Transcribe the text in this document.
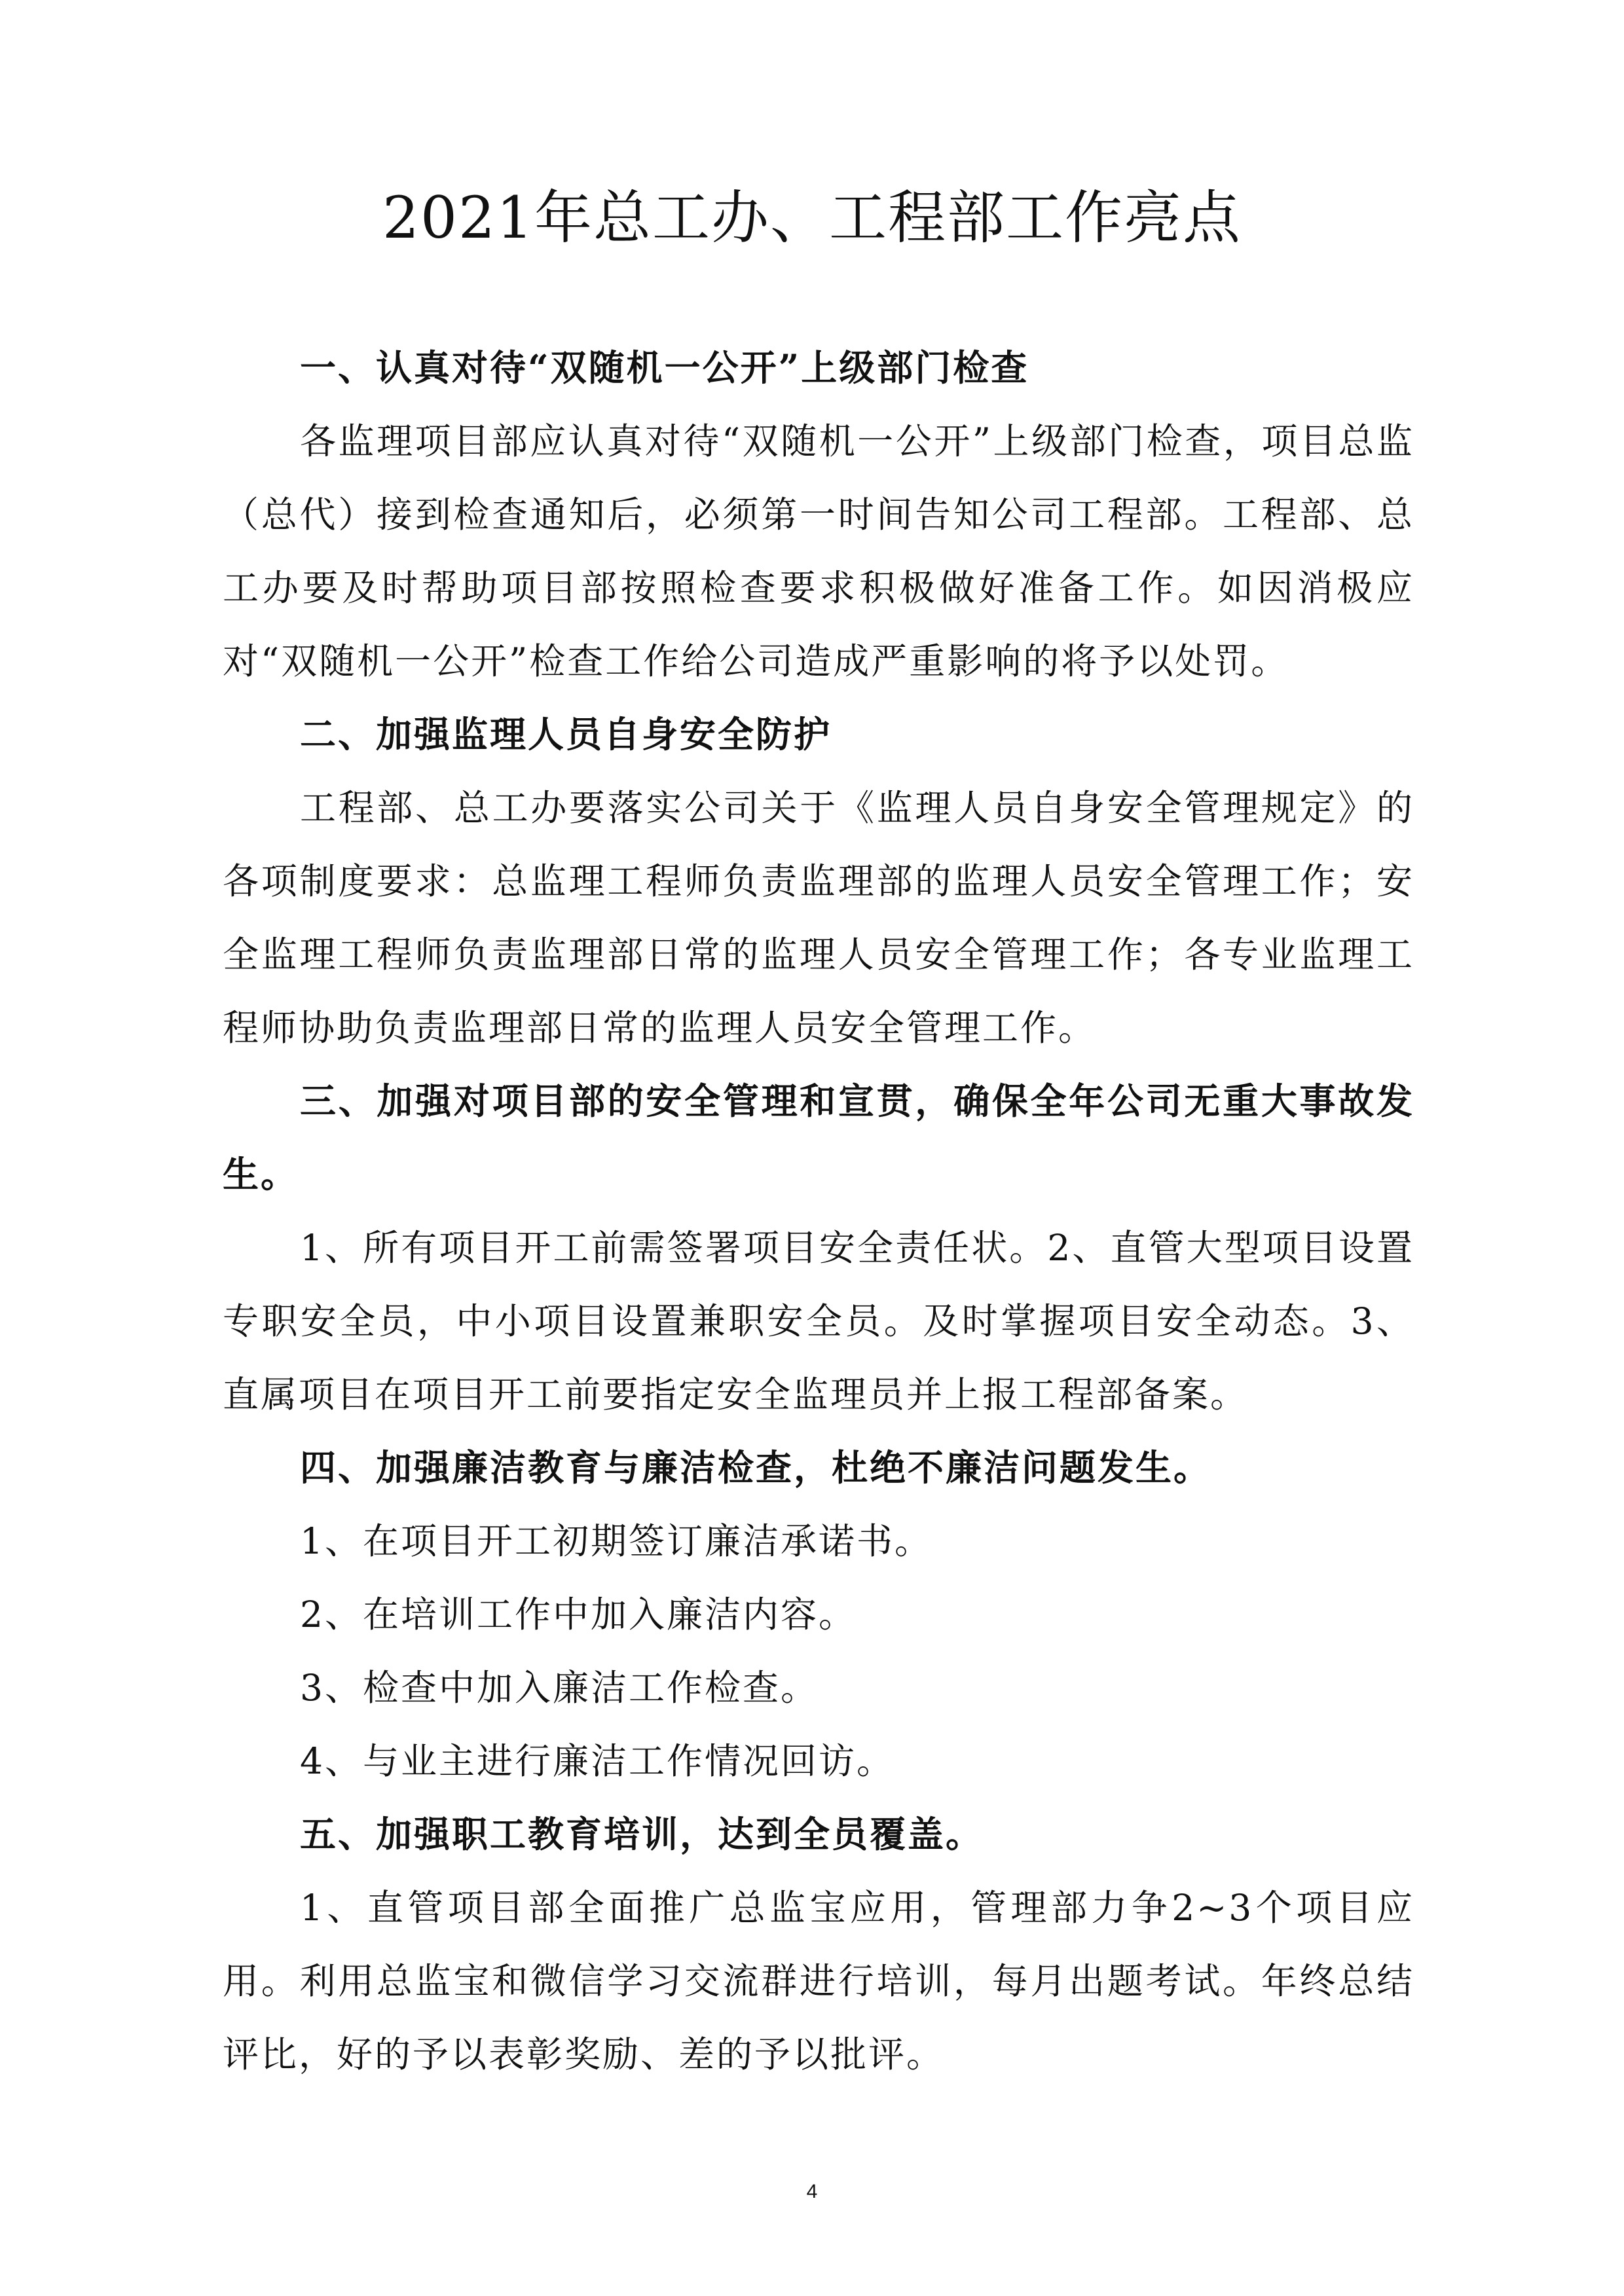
2021年总工办、工程部工作亮点

一、认真对待“双随机一公开”上级部门检查

各监理项目部应认真对待“双随机一公开”上级部门检查，项目总监（总代）接到检查通知后，必须第一时间告知公司工程部。工程部、总工办要及时帮助项目部按照检查要求积极做好准备工作。如因消极应对“双随机一公开”检查工作给公司造成严重影响的将予以处罚。

二、加强监理人员自身安全防护

工程部、总工办要落实公司关于《监理人员自身安全管理规定》的各项制度要求：总监理工程师负责监理部的监理人员安全管理工作；安全监理工程师负责监理部日常的监理人员安全管理工作；各专业监理工程师协助负责监理部日常的监理人员安全管理工作。

三、加强对项目部的安全管理和宣贯，确保全年公司无重大事故发生。

1、所有项目开工前需签署项目安全责任状。2、直管大型项目设置专职安全员，中小项目设置兼职安全员。及时掌握项目安全动态。3、直属项目在项目开工前要指定安全监理员并上报工程部备案。

四、加强廉洁教育与廉洁检查，杜绝不廉洁问题发生。

1、在项目开工初期签订廉洁承诺书。

2、在培训工作中加入廉洁内容。

3、检查中加入廉洁工作检查。

4、与业主进行廉洁工作情况回访。

五、加强职工教育培训，达到全员覆盖。

1、直管项目部全面推广总监宝应用，管理部力争2~3个项目应用。利用总监宝和微信学习交流群进行培训，每月出题考试。年终总结评比，好的予以表彰奖励、差的予以批评。

4
